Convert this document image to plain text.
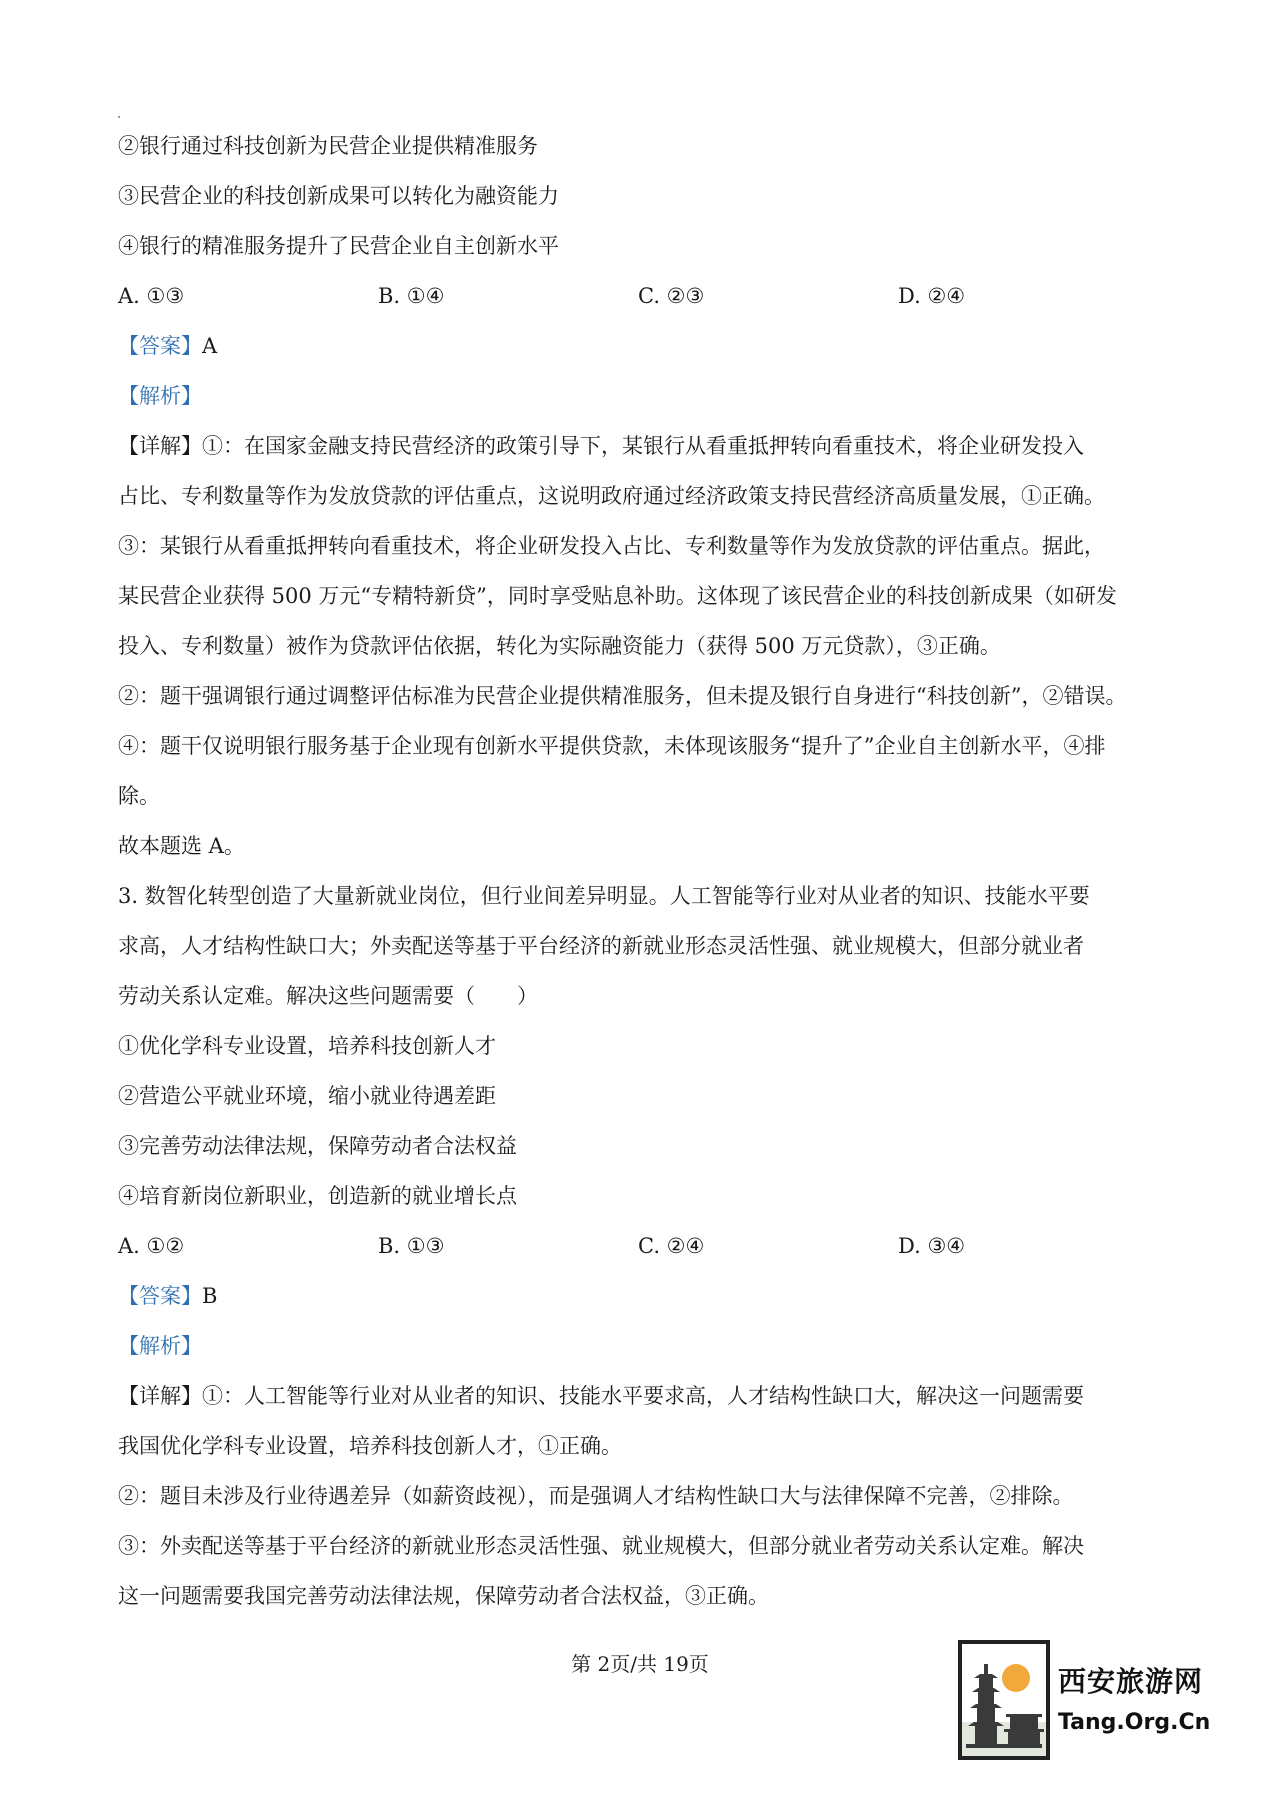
②银行通过科技创新为民营企业提供精准服务
③民营企业的科技创新成果可以转化为融资能力
④银行的精准服务提升了民营企业自主创新水平
A. ①③	B. ①④	C. ②③	D. ②④
【答案】A
【解析】
【详解】①：在国家金融支持民营经济的政策引导下，某银行从看重抵押转向看重技术，将企业研发投入
占比、专利数量等作为发放贷款的评估重点，这说明政府通过经济政策支持民营经济高质量发展，①正确。
③：某银行从看重抵押转向看重技术，将企业研发投入占比、专利数量等作为发放贷款的评估重点。据此，
某民营企业获得 500 万元“专精特新贷”，同时享受贴息补助。这体现了该民营企业的科技创新成果（如研发
投入、专利数量）被作为贷款评估依据，转化为实际融资能力（获得 500 万元贷款），③正确。
②：题干强调银行通过调整评估标准为民营企业提供精准服务，但未提及银行自身进行“科技创新”，②错误。
④：题干仅说明银行服务基于企业现有创新水平提供贷款，未体现该服务“提升了”企业自主创新水平，④排
除。
故本题选 A。
3. 数智化转型创造了大量新就业岗位，但行业间差异明显。人工智能等行业对从业者的知识、技能水平要
求高，人才结构性缺口大；外卖配送等基于平台经济的新就业形态灵活性强、就业规模大，但部分就业者
劳动关系认定难。解决这些问题需要（　　）
①优化学科专业设置，培养科技创新人才
②营造公平就业环境，缩小就业待遇差距
③完善劳动法律法规，保障劳动者合法权益
④培育新岗位新职业，创造新的就业增长点
A. ①②	B. ①③	C. ②④	D. ③④
【答案】B
【解析】
【详解】①：人工智能等行业对从业者的知识、技能水平要求高，人才结构性缺口大，解决这一问题需要
我国优化学科专业设置，培养科技创新人才，①正确。
②：题目未涉及行业待遇差异（如薪资歧视），而是强调人才结构性缺口大与法律保障不完善，②排除。
③：外卖配送等基于平台经济的新就业形态灵活性强、就业规模大，但部分就业者劳动关系认定难。解决
这一问题需要我国完善劳动法律法规，保障劳动者合法权益，③正确。
第 2页/共 19页
西安旅游网
Tang.Org.Cn
